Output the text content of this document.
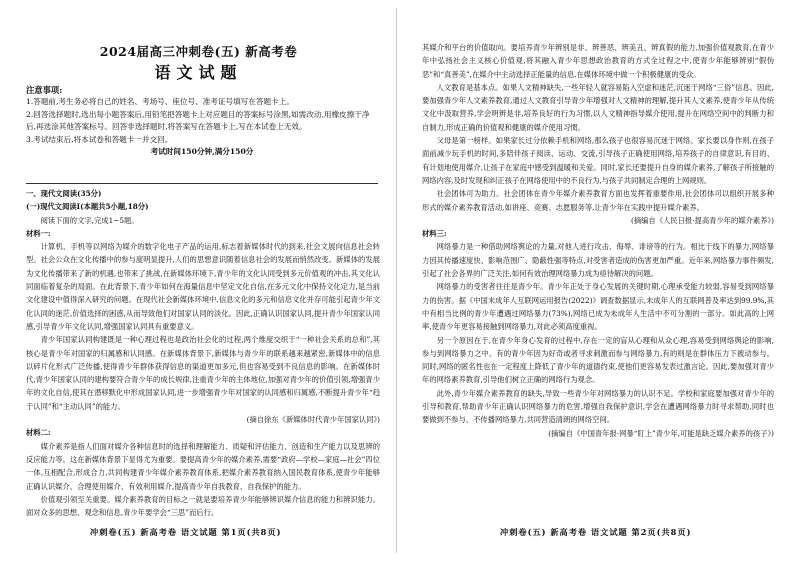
2024届高三冲刺卷(五) 新高考卷
语文试题

注意事项:

1.答题前,考生务必将自己的姓名、考场号、座位号、准考证号填写在答题卡上。

2.回答选择题时,选出每小题答案后,用铅笔把答题卡上对应题目的答案标号涂黑,如需改动,用橡皮擦干净后,再选涂其他答案标号。回答非选择题时,将答案写在答题卡上,写在本试卷上无效。

3.考试结束后,将本试卷和答题卡一并交回。

考试时间150分钟,满分150分

一、现代文阅读(35分)

(一)现代文阅读Ⅰ(本题共5小题,18分)

阅读下面的文字,完成1~5题。

材料一:

计算机、手机等以网络为媒介的数字化电子产品的运用,标志着新媒体时代的到来,社会文展向信息社会转型。社会公众在文化传播中的参与度明显提升,人们的思想意识随着信息社会的发展而悄然改变。新媒体的发展为文化传播带来了新的机遇,也带来了挑战,在新媒体环境下,青少年的文化认同受到多元价值观的冲击,其文化认同面临着复杂的局面。在此背景下,青少年如何在海量信息中坚定文化自信,在多元文化中保持文化定力,是当前文化建设中值得深入研究的问题。在现代社会新媒体环境中,信息文化的多元和信息文化并存可能引起青少年文化认同的迷茫,价值选择的困惑,从而导致他们对国家认同的淡化。因此,正确认识国家认同,提升青少年国家认同感,引导青少年文化认同,增强国家认同具有重要意义。

青少年国家认同构建既是一种心理过程也是政治社会化的过程,两个维度交织于“一种社会关系的总和”,其核心是青少年对国家的归属感和认同感。在新媒体背景下,新媒体与青少年的联系越来越紧密,新媒体中的信息以碎片化形式广泛传播,使得青少年群体获得信息的渠道更加多元,但也容易受到不良信息的影响。在新媒体时代,青少年国家认同的建构要符合青少年的成长规律,注重青少年的主体地位,加强对青少年的价值引领,增强青少年的文化自信,使其在潜移默化中形成国家认同,进一步增强青少年对国家的认同感和归属感,不断提升青少年“趋于认同”和“主动认同”的能力。

(摘自徐东《新媒体时代青少年国家认同》)

材料二:

媒介素养是指人们面对媒介各种信息时的选择和理解能力、质疑和评估能力、创造和生产能力以及思辨的反应能力等。这在新媒体背景下显得尤为重要。要提高青少年的媒介素养,需要“政府—学校—家庭—社会”四位一体,互相配合,形成合力,共同构建青少年媒介素养教育体系,把媒介素养教育纳入国民教育体系,使青少年能够正确认识媒介、合理使用媒介、有效利用媒介,提高青少年自我教育、自我保护的能力。

价值观引领至关重要。媒介素养教育的目标之一就是要培养青少年能够辨识媒介信息的能力和辨识能力。面对众多的思想、观念和信息,青少年要学会“三思”而后行。

冲刺卷(五) 新高考卷 语文试题 第1页(共8页)

其媒介和平台的价值取向。要培养青少年辨别是非、辨善恶、辨美丑、辨真假的能力,加强价值观教育,在青少年中弘扬社会主义核心价值观,将其融入青少年思想政治教育的方式全过程之中,使青少年能够辨别“假伪恶”和“真善美”,在媒介中主动选择正能量的信息,在媒体环境中做一个积极健康的受众。

人文教育是基本点。如果人文精神缺失,一些年轻人就容易陷入空虚和迷茫,沉迷于网络“三俗”信息。因此,要加强青少年人文素养教育,通过人文教育引导青少年增强对人文精神的理解,提升其人文素养,使青少年从传统文化中汲取营养,学会明辨是非,培养良好的行为习惯,以人文精神指导媒介使用,提升在网络空间中的判断力和自制力,形成正确的价值观和健康的媒介使用习惯。

父母是第一榜样。如果家长过分依赖手机和网络,那么孩子也很容易沉迷于网络。家长要以身作则,在孩子面前减少玩手机的时间,多陪伴孩子阅读、运动、交流,引导孩子正确使用网络,培养孩子的自律意识,有目的、有计划地使用媒介,让孩子在家庭中感受到温暖和关爱。同时,家长还要提升自身的媒介素养,了解孩子所接触的网络内容,及时发现和纠正孩子在网络使用中的不良行为,与孩子共同制定合理的上网规则。

社会团体可为助力。社会团体在青少年媒介素养教育方面也发挥着重要作用,社会团体可以组织开展多种形式的媒介素养教育活动,如讲座、竞赛、志愿服务等,让青少年在实践中提升媒介素养。

(摘编自《人民日报·提高青少年的媒介素养》)

材料三:

网络暴力是一种借助网络舆论的力量,对他人进行攻击、侮辱、诽谤等的行为。相比于线下的暴力,网络暴力因其传播速度快、影响范围广、隐蔽性强等特点,对受害者造成的伤害更加严重。近年来,网络暴力事件频发,引起了社会各界的广泛关注,如何有效治理网络暴力成为亟待解决的问题。

网络暴力的受害者往往是青少年。青少年正处于身心发展的关键时期,心理承受能力较弱,容易受到网络暴力的伤害。据《中国未成年人互联网运用报告(2022)》调查数据显示,未成年人的互联网普及率达到99.9%,其中有相当比例的青少年遭遇过网络暴力(73%),网络已成为未成年人生活中不可分割的一部分。如此高的上网率,使青少年更容易接触到网络暴力,对此必须高度重视。

另一个原因在于,在青少年身心发育的过程中,存在一定的盲从心理和从众心理,容易受到网络舆论的影响,参与到网络暴力之中。有的青少年因为好奇或者寻求刺激而参与网络暴力,有的则是在群体压力下被动参与。同时,网络的匿名性也在一定程度上降低了青少年的道德约束,使他们更容易发表过激言论。因此,要加强对青少年的网络素养教育,引导他们树立正确的网络行为观念。

此外,青少年媒介素养教育的缺失,导致一些青少年对网络暴力的认识不足。学校和家庭要加强对青少年的引导和教育,帮助青少年正确认识网络暴力的危害,增强自我保护意识,学会在遭遇网络暴力时寻求帮助,同时也要做到不参与、不传播网络暴力,共同营造清朗的网络空间。

(摘编自《中国青年报·网暴“盯上”青少年,可能是缺乏媒介素养的孩子》)

冲刺卷(五) 新高考卷 语文试题 第2页(共8页)
